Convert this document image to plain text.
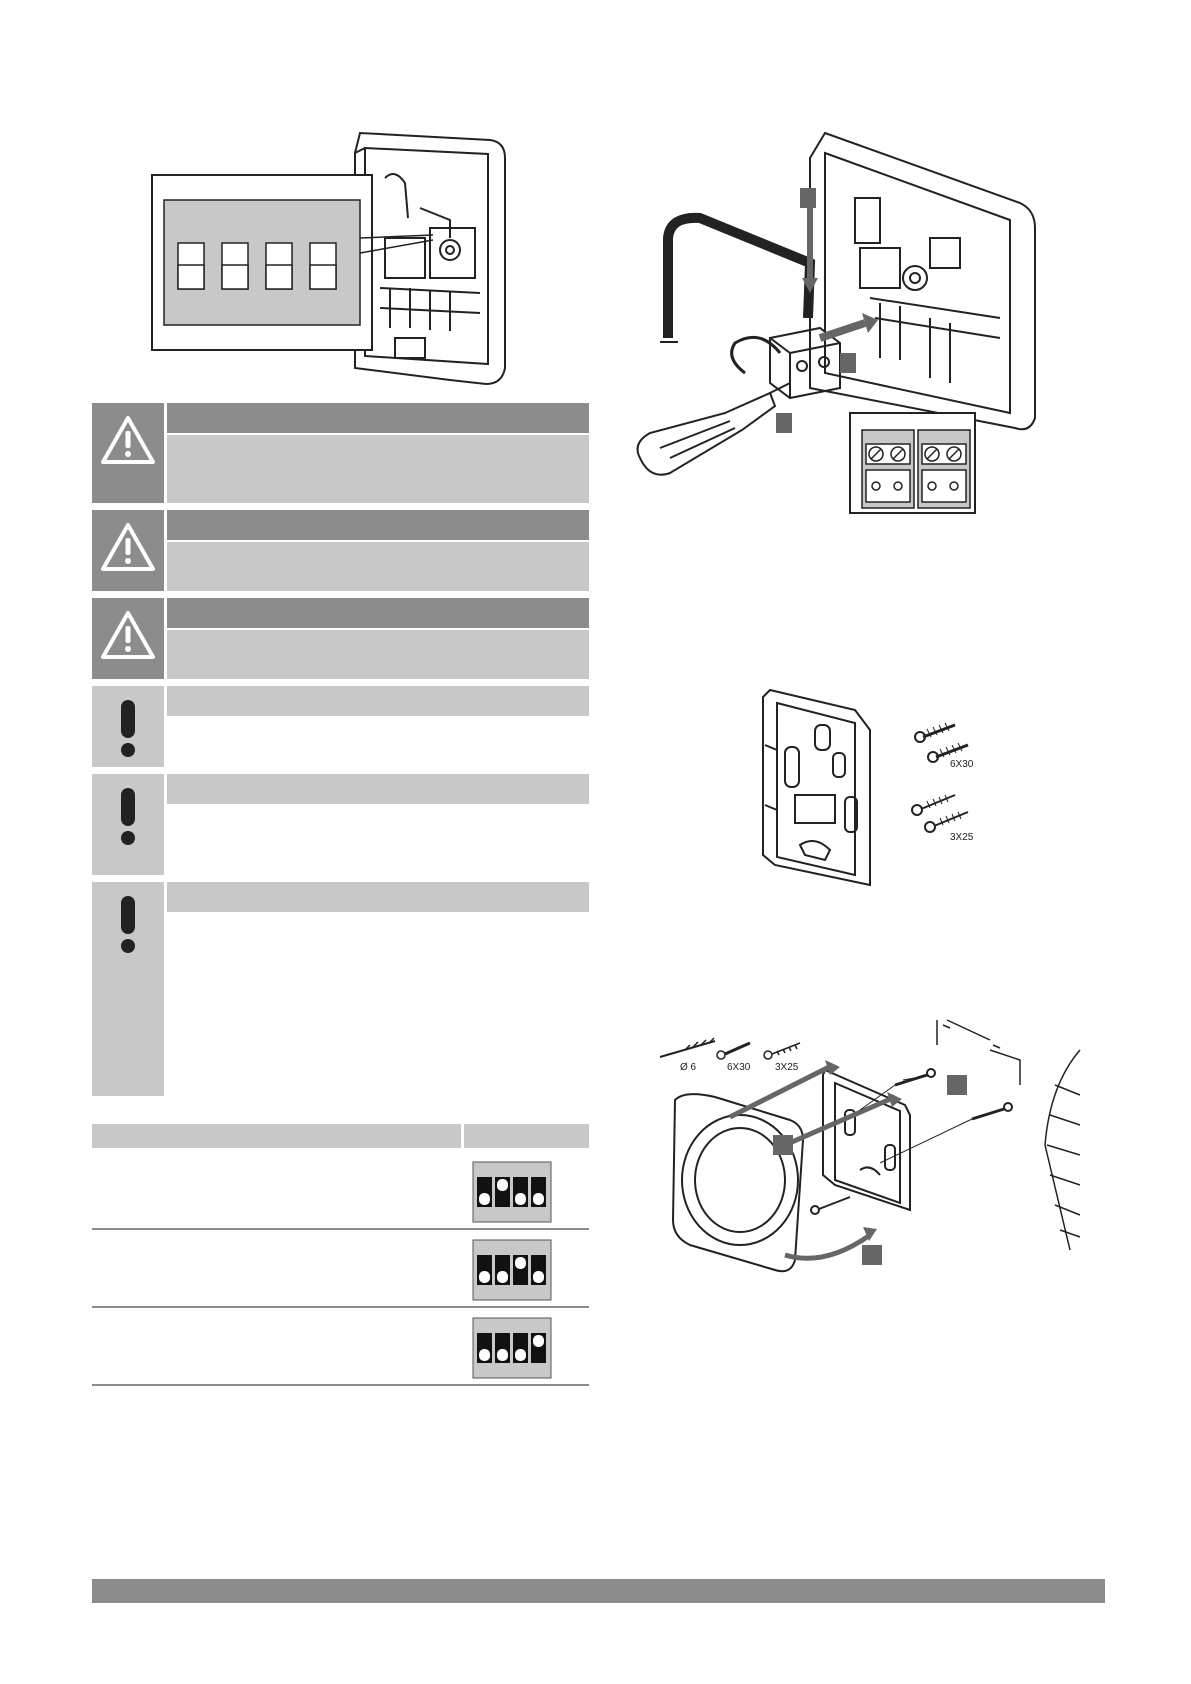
6X30
3X25
Ø 6	6X30 3X25
